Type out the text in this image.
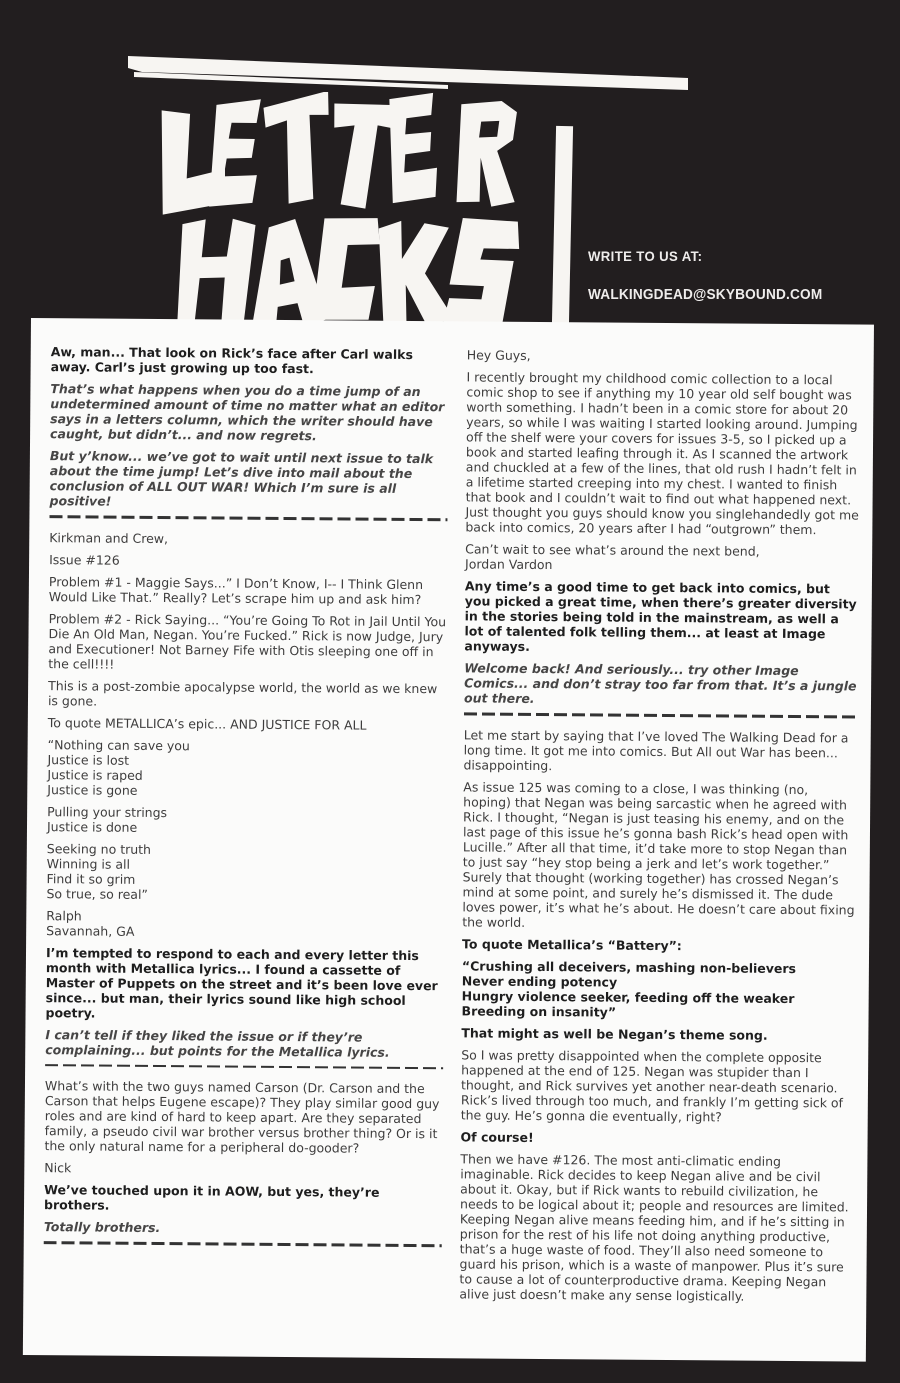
WRITE TO US AT:
WALKINGDEAD@SKYBOUND.COM

Aw, man... That look on Rick’s face after Carl walks away. Carl’s just growing up too fast.

That’s what happens when you do a time jump of an undetermined amount of time no matter what an editor says in a letters column, which the writer should have caught, but didn’t... and now regrets.

But y’know... we’ve got to wait until next issue to talk about the time jump! Let’s dive into mail about the conclusion of ALL OUT WAR! Which I’m sure is all positive!

Kirkman and Crew,

Issue #126

Problem #1 - Maggie Says...” I Don’t Know, I-- I Think Glenn Would Like That.” Really? Let’s scrape him up and ask him?

Problem #2 - Rick Saying... “You’re Going To Rot in Jail Until You Die An Old Man, Negan. You’re Fucked.” Rick is now Judge, Jury and Executioner! Not Barney Fife with Otis sleeping one off in the cell!!!!

This is a post-zombie apocalypse world, the world as we knew is gone.

To quote METALLICA’s epic... AND JUSTICE FOR ALL

“Nothing can save you
Justice is lost
Justice is raped
Justice is gone

Pulling your strings
Justice is done

Seeking no truth
Winning is all
Find it so grim
So true, so real”

Ralph
Savannah, GA

I’m tempted to respond to each and every letter this month with Metallica lyrics... I found a cassette of Master of Puppets on the street and it’s been love ever since... but man, their lyrics sound like high school poetry.

I can’t tell if they liked the issue or if they’re complaining... but points for the Metallica lyrics.

What’s with the two guys named Carson (Dr. Carson and the Carson that helps Eugene escape)? They play similar good guy roles and are kind of hard to keep apart. Are they separated family, a pseudo civil war brother versus brother thing? Or is it the only natural name for a peripheral do-gooder?

Nick

We’ve touched upon it in AOW, but yes, they’re brothers.

Totally brothers.

Hey Guys,

I recently brought my childhood comic collection to a local comic shop to see if anything my 10 year old self bought was worth something. I hadn’t been in a comic store for about 20 years, so while I was waiting I started looking around. Jumping off the shelf were your covers for issues 3-5, so I picked up a book and started leafing through it. As I scanned the artwork and chuckled at a few of the lines, that old rush I hadn’t felt in a lifetime started creeping into my chest. I wanted to finish that book and I couldn’t wait to find out what happened next. Just thought you guys should know you singlehandedly got me back into comics, 20 years after I had “outgrown” them.

Can’t wait to see what’s around the next bend,
Jordan Vardon

Any time’s a good time to get back into comics, but you picked a great time, when there’s greater diversity in the stories being told in the mainstream, as well a lot of talented folk telling them... at least at Image anyways.

Welcome back! And seriously... try other Image Comics... and don’t stray too far from that. It’s a jungle out there.

Let me start by saying that I’ve loved The Walking Dead for a long time. It got me into comics. But All out War has been... disappointing.

As issue 125 was coming to a close, I was thinking (no, hoping) that Negan was being sarcastic when he agreed with Rick. I thought, “Negan is just teasing his enemy, and on the last page of this issue he’s gonna bash Rick’s head open with Lucille.” After all that time, it’d take more to stop Negan than to just say “hey stop being a jerk and let’s work together.” Surely that thought (working together) has crossed Negan’s mind at some point, and surely he’s dismissed it. The dude loves power, it’s what he’s about. He doesn’t care about fixing the world.

To quote Metallica’s “Battery”:

“Crushing all deceivers, mashing non-believers
Never ending potency
Hungry violence seeker, feeding off the weaker
Breeding on insanity”

That might as well be Negan’s theme song.

So I was pretty disappointed when the complete opposite happened at the end of 125. Negan was stupider than I thought, and Rick survives yet another near-death scenario. Rick’s lived through too much, and frankly I’m getting sick of the guy. He’s gonna die eventually, right?

Of course!

Then we have #126. The most anti-climatic ending imaginable. Rick decides to keep Negan alive and be civil about it. Okay, but if Rick wants to rebuild civilization, he needs to be logical about it; people and resources are limited. Keeping Negan alive means feeding him, and if he’s sitting in prison for the rest of his life not doing anything productive, that’s a huge waste of food. They’ll also need someone to guard his prison, which is a waste of manpower. Plus it’s sure to cause a lot of counterproductive drama. Keeping Negan alive just doesn’t make any sense logistically.
